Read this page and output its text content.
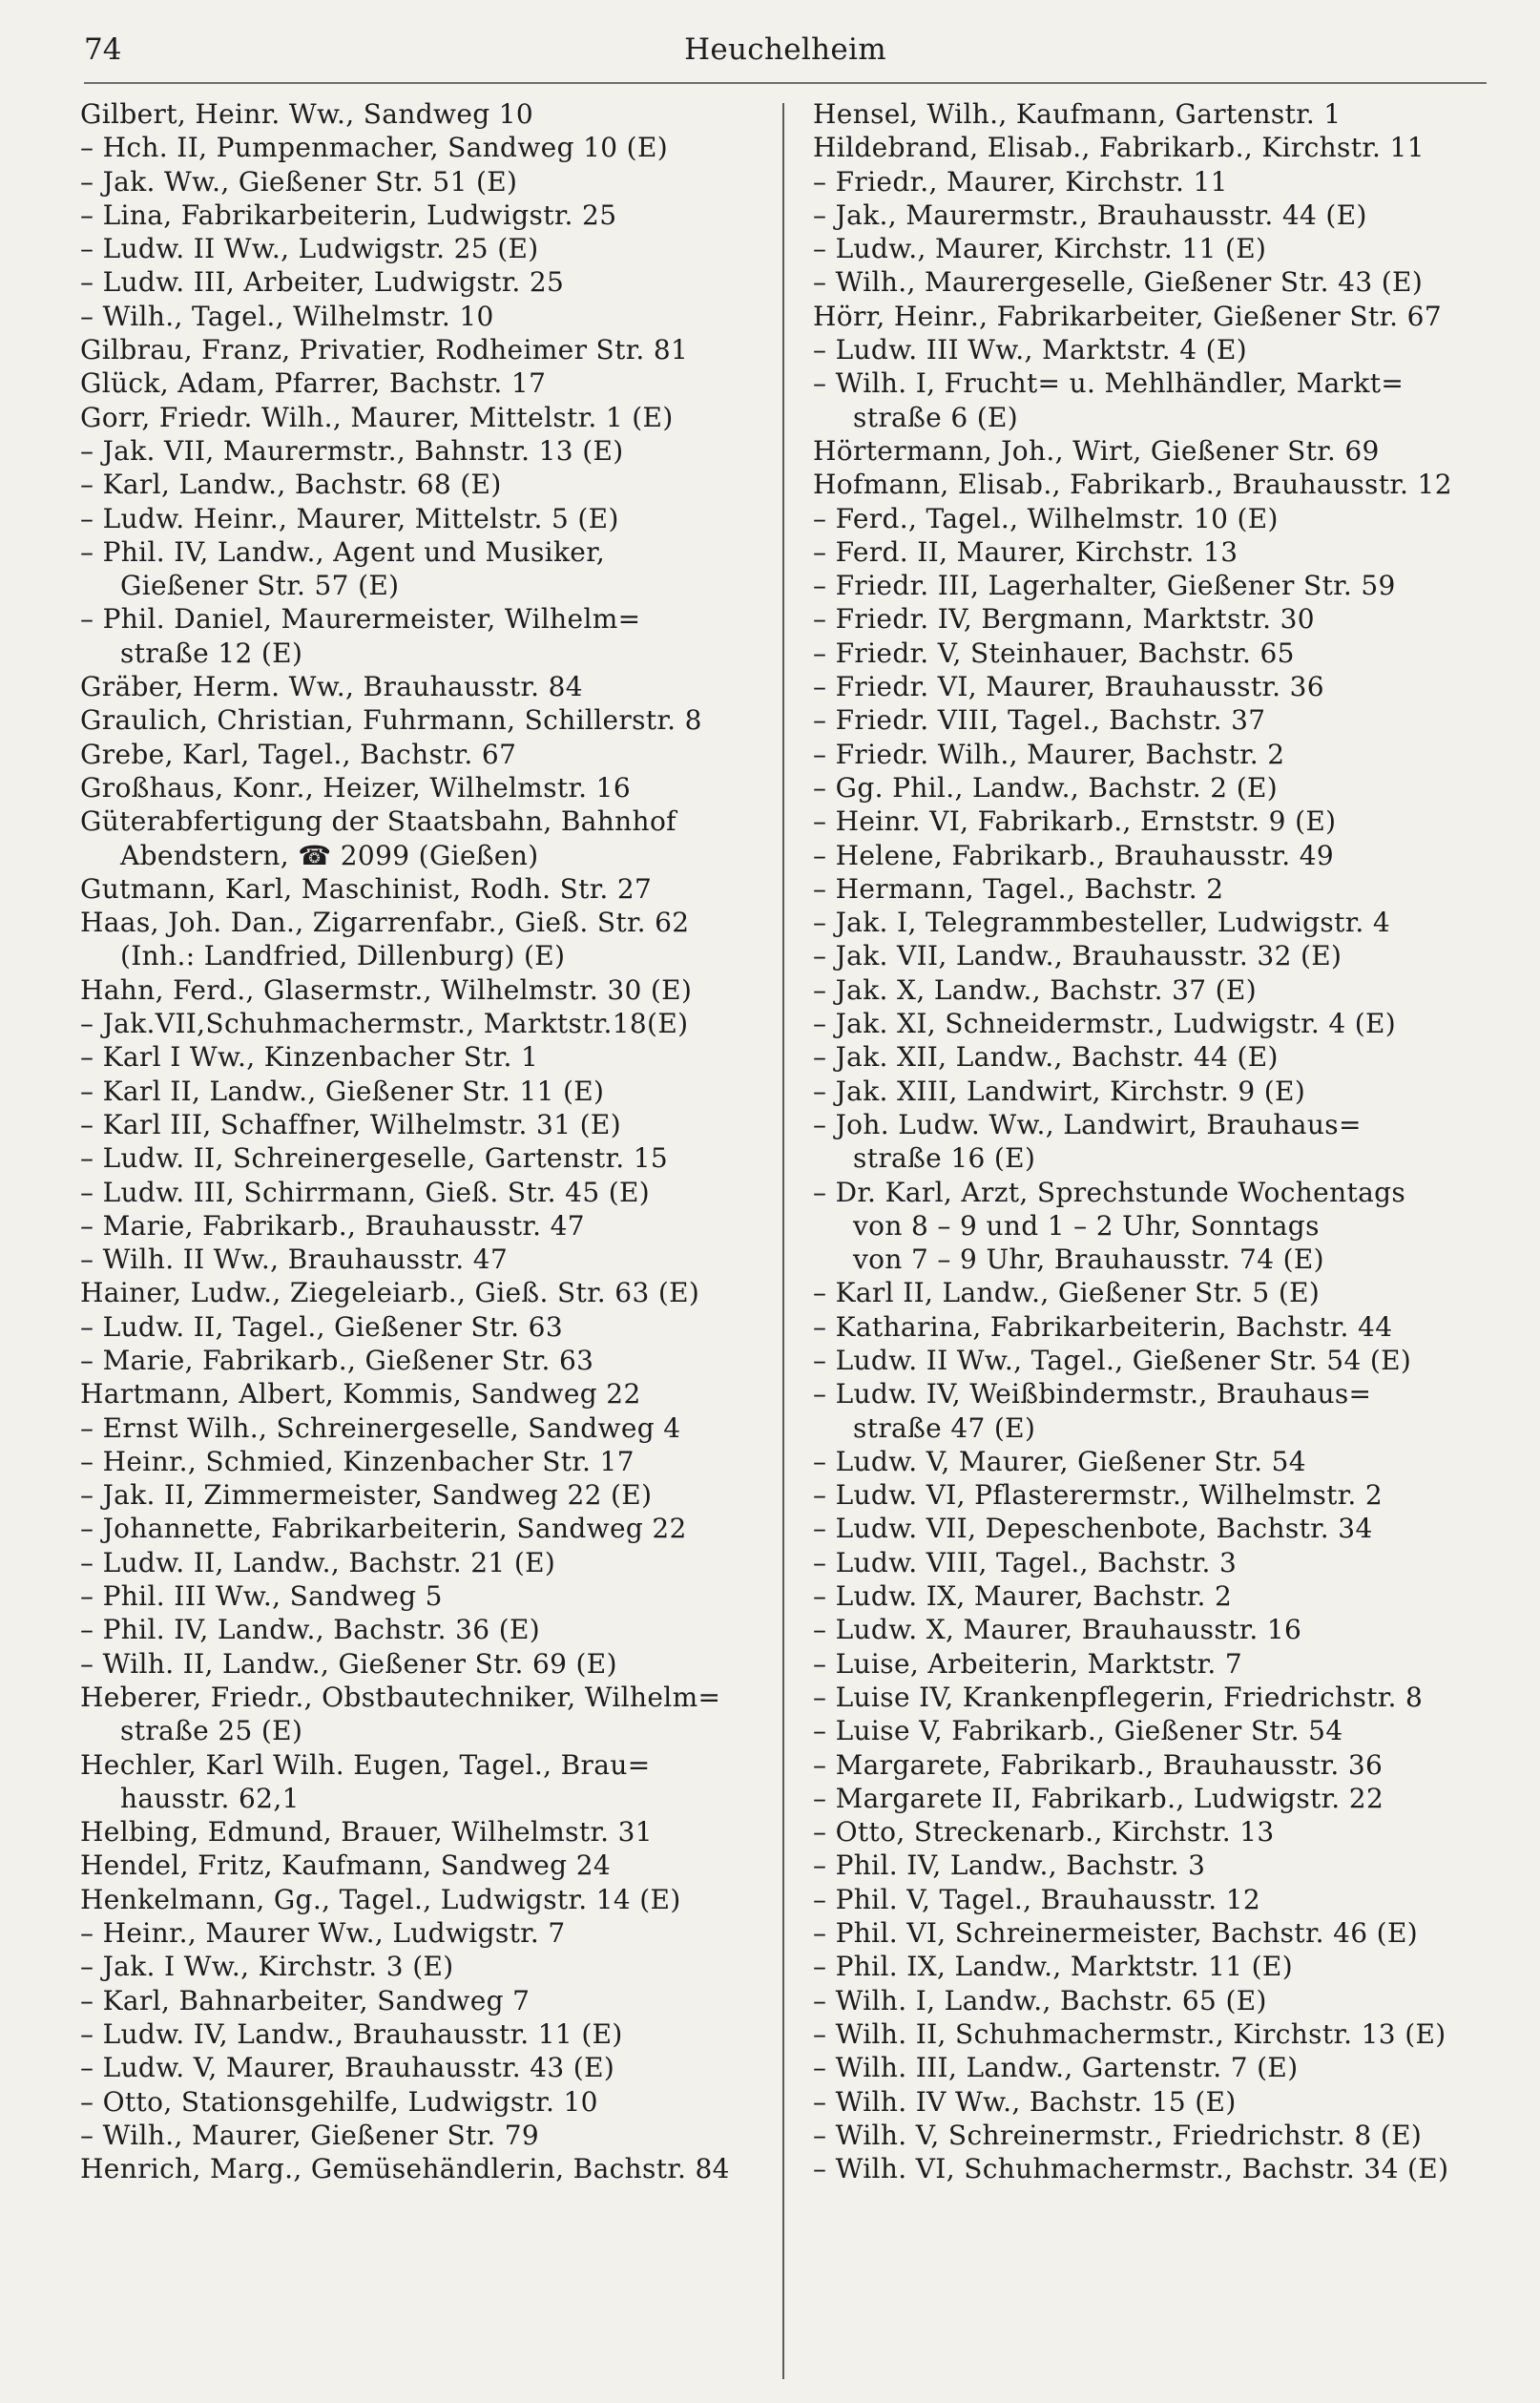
74	Heuchelheim
Gilbert, Heinr. Ww., Sandweg 10
– Hch. II, Pumpenmacher, Sandweg 10 (E)
– Jak. Ww., Gießener Str. 51 (E)
– Lina, Fabrikarbeiterin, Ludwigstr. 25
– Ludw. II Ww., Ludwigstr. 25 (E)
– Ludw. III, Arbeiter, Ludwigstr. 25
– Wilh., Tagel., Wilhelmstr. 10
Gilbrau, Franz, Privatier, Rodheimer Str. 81
Glück, Adam, Pfarrer, Bachstr. 17
Gorr, Friedr. Wilh., Maurer, Mittelstr. 1 (E)
– Jak. VII, Maurermstr., Bahnstr. 13 (E)
– Karl, Landw., Bachstr. 68 (E)
– Ludw. Heinr., Maurer, Mittelstr. 5 (E)
– Phil. IV, Landw., Agent und Musiker,
Gießener Str. 57 (E)
– Phil. Daniel, Maurermeister, Wilhelm=
straße 12 (E)
Gräber, Herm. Ww., Brauhausstr. 84
Graulich, Christian, Fuhrmann, Schillerstr. 8
Grebe, Karl, Tagel., Bachstr. 67
Großhaus, Konr., Heizer, Wilhelmstr. 16
Güterabfertigung der Staatsbahn, Bahnhof
Abendstern, ☎ 2099 (Gießen)
Gutmann, Karl, Maschinist, Rodh. Str. 27
Haas, Joh. Dan., Zigarrenfabr., Gieß. Str. 62
(Inh.: Landfried, Dillenburg) (E)
Hahn, Ferd., Glasermstr., Wilhelmstr. 30 (E)
– Jak.VII,Schuhmachermstr., Marktstr.18(E)
– Karl I Ww., Kinzenbacher Str. 1
– Karl II, Landw., Gießener Str. 11 (E)
– Karl III, Schaffner, Wilhelmstr. 31 (E)
– Ludw. II, Schreinergeselle, Gartenstr. 15
– Ludw. III, Schirrmann, Gieß. Str. 45 (E)
– Marie, Fabrikarb., Brauhausstr. 47
– Wilh. II Ww., Brauhausstr. 47
Hainer, Ludw., Ziegeleiarb., Gieß. Str. 63 (E)
– Ludw. II, Tagel., Gießener Str. 63
– Marie, Fabrikarb., Gießener Str. 63
Hartmann, Albert, Kommis, Sandweg 22
– Ernst Wilh., Schreinergeselle, Sandweg 4
– Heinr., Schmied, Kinzenbacher Str. 17
– Jak. II, Zimmermeister, Sandweg 22 (E)
– Johannette, Fabrikarbeiterin, Sandweg 22
– Ludw. II, Landw., Bachstr. 21 (E)
– Phil. III Ww., Sandweg 5
– Phil. IV, Landw., Bachstr. 36 (E)
– Wilh. II, Landw., Gießener Str. 69 (E)
Heberer, Friedr., Obstbautechniker, Wilhelm=
straße 25 (E)
Hechler, Karl Wilh. Eugen, Tagel., Brau=
hausstr. 62,1
Helbing, Edmund, Brauer, Wilhelmstr. 31
Hendel, Fritz, Kaufmann, Sandweg 24
Henkelmann, Gg., Tagel., Ludwigstr. 14 (E)
– Heinr., Maurer Ww., Ludwigstr. 7
– Jak. I Ww., Kirchstr. 3 (E)
– Karl, Bahnarbeiter, Sandweg 7
– Ludw. IV, Landw., Brauhausstr. 11 (E)
– Ludw. V, Maurer, Brauhausstr. 43 (E)
– Otto, Stationsgehilfe, Ludwigstr. 10
– Wilh., Maurer, Gießener Str. 79
Henrich, Marg., Gemüsehändlerin, Bachstr. 84
Hensel, Wilh., Kaufmann, Gartenstr. 1
Hildebrand, Elisab., Fabrikarb., Kirchstr. 11
– Friedr., Maurer, Kirchstr. 11
– Jak., Maurermstr., Brauhausstr. 44 (E)
– Ludw., Maurer, Kirchstr. 11 (E)
– Wilh., Maurergeselle, Gießener Str. 43 (E)
Hörr, Heinr., Fabrikarbeiter, Gießener Str. 67
– Ludw. III Ww., Marktstr. 4 (E)
– Wilh. I, Frucht= u. Mehlhändler, Markt=
straße 6 (E)
Hörtermann, Joh., Wirt, Gießener Str. 69
Hofmann, Elisab., Fabrikarb., Brauhausstr. 12
– Ferd., Tagel., Wilhelmstr. 10 (E)
– Ferd. II, Maurer, Kirchstr. 13
– Friedr. III, Lagerhalter, Gießener Str. 59
– Friedr. IV, Bergmann, Marktstr. 30
– Friedr. V, Steinhauer, Bachstr. 65
– Friedr. VI, Maurer, Brauhausstr. 36
– Friedr. VIII, Tagel., Bachstr. 37
– Friedr. Wilh., Maurer, Bachstr. 2
– Gg. Phil., Landw., Bachstr. 2 (E)
– Heinr. VI, Fabrikarb., Ernststr. 9 (E)
– Helene, Fabrikarb., Brauhausstr. 49
– Hermann, Tagel., Bachstr. 2
– Jak. I, Telegrammbesteller, Ludwigstr. 4
– Jak. VII, Landw., Brauhausstr. 32 (E)
– Jak. X, Landw., Bachstr. 37 (E)
– Jak. XI, Schneidermstr., Ludwigstr. 4 (E)
– Jak. XII, Landw., Bachstr. 44 (E)
– Jak. XIII, Landwirt, Kirchstr. 9 (E)
– Joh. Ludw. Ww., Landwirt, Brauhaus=
straße 16 (E)
– Dr. Karl, Arzt, Sprechstunde Wochentags
von 8 – 9 und 1 – 2 Uhr, Sonntags
von 7 – 9 Uhr, Brauhausstr. 74 (E)
– Karl II, Landw., Gießener Str. 5 (E)
– Katharina, Fabrikarbeiterin, Bachstr. 44
– Ludw. II Ww., Tagel., Gießener Str. 54 (E)
– Ludw. IV, Weißbindermstr., Brauhaus=
straße 47 (E)
– Ludw. V, Maurer, Gießener Str. 54
– Ludw. VI, Pflasterermstr., Wilhelmstr. 2
– Ludw. VII, Depeschenbote, Bachstr. 34
– Ludw. VIII, Tagel., Bachstr. 3
– Ludw. IX, Maurer, Bachstr. 2
– Ludw. X, Maurer, Brauhausstr. 16
– Luise, Arbeiterin, Marktstr. 7
– Luise IV, Krankenpflegerin, Friedrichstr. 8
– Luise V, Fabrikarb., Gießener Str. 54
– Margarete, Fabrikarb., Brauhausstr. 36
– Margarete II, Fabrikarb., Ludwigstr. 22
– Otto, Streckenarb., Kirchstr. 13
– Phil. IV, Landw., Bachstr. 3
– Phil. V, Tagel., Brauhausstr. 12
– Phil. VI, Schreinermeister, Bachstr. 46 (E)
– Phil. IX, Landw., Marktstr. 11 (E)
– Wilh. I, Landw., Bachstr. 65 (E)
– Wilh. II, Schuhmachermstr., Kirchstr. 13 (E)
– Wilh. III, Landw., Gartenstr. 7 (E)
– Wilh. IV Ww., Bachstr. 15 (E)
– Wilh. V, Schreinermstr., Friedrichstr. 8 (E)
– Wilh. VI, Schuhmachermstr., Bachstr. 34 (E)
